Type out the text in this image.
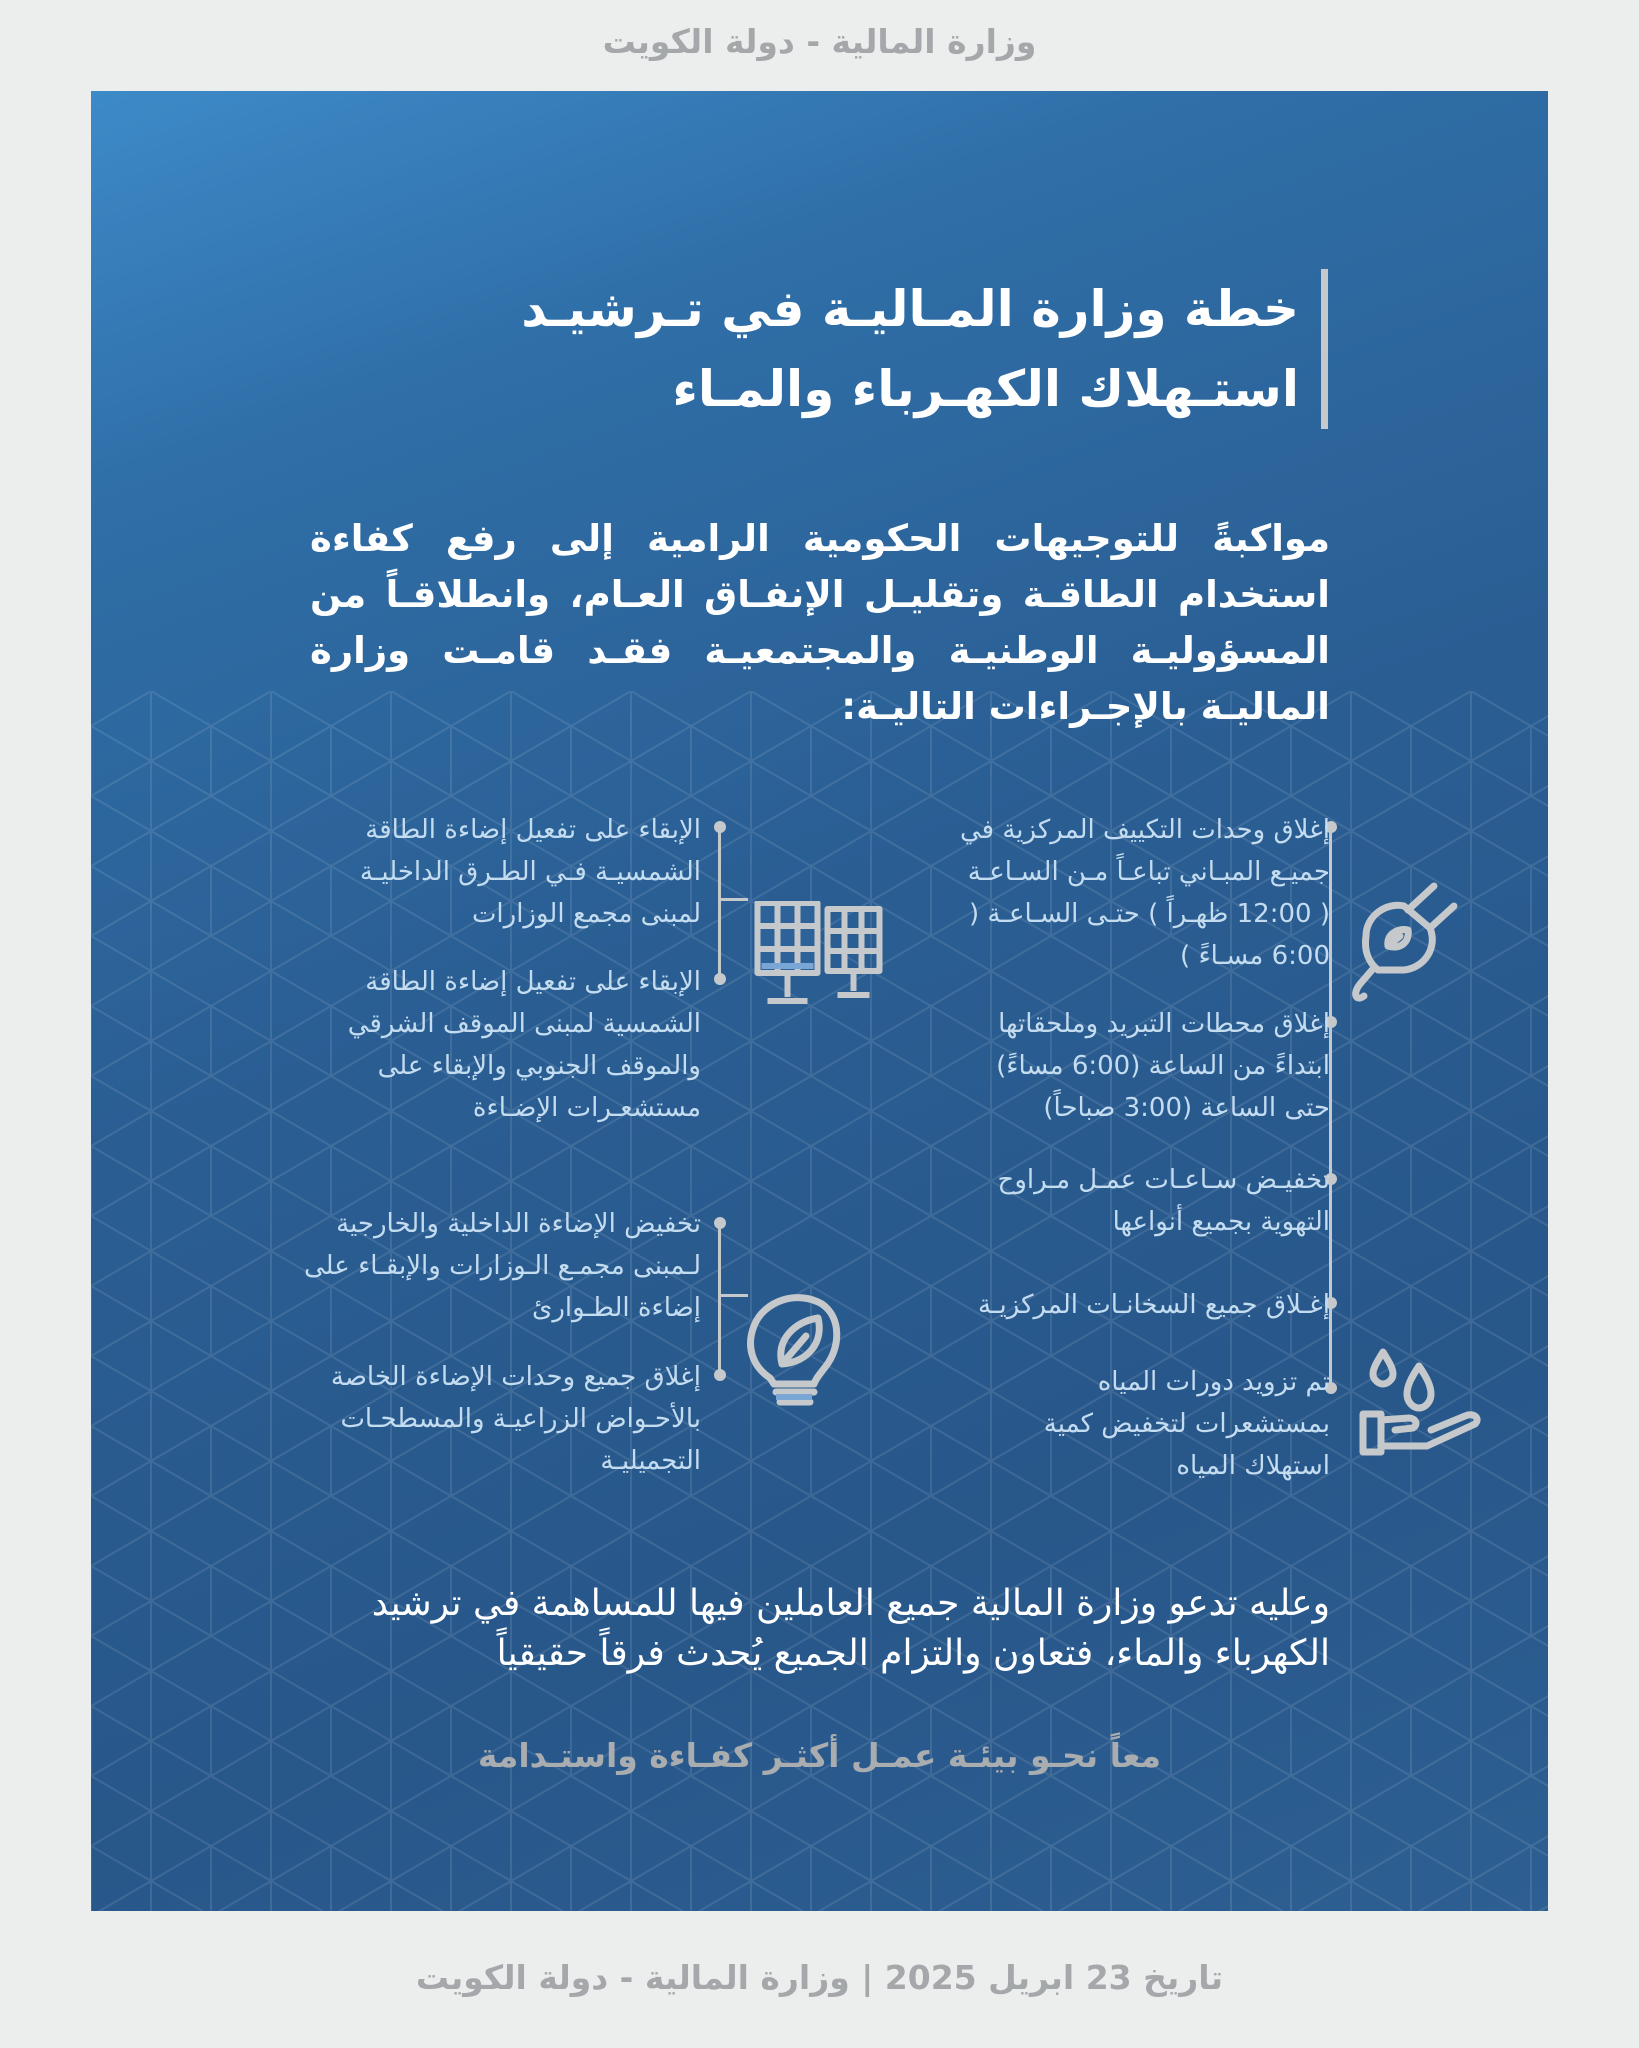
وزارة المالية - دولة الكويت
خطة وزارة المـاليـة في تـرشيـد
استـهلاك الكهـرباء والمـاء
مواكبةً للتوجيهات الحكومية الرامية إلى رفع كفاءة استخدام الطاقـة وتقليـل الإنفـاق العـام، وانطلاقـاً من المسؤوليـة الوطنيـة والمجتمعيـة فقـد قامـت وزارة الماليـة بالإجـراءات التاليـة:
إغلاق وحدات التكييف المركزية في جميـع المبـاني تباعـاً مـن السـاعـة ( 12:00 ظهـراً ) حتـى السـاعـة ( 6:00 مسـاءً )
إغلاق محطات التبريد وملحقاتها ابتداءً من الساعة (6:00 مساءً) حتى الساعة (3:00 صباحاً)
تخفيـض سـاعـات عمـل مـراوح التهوية بجميع أنواعها
إغـلاق جميع السخانـات المركزيـة
تم تزويد دورات المياه بمستشعرات لتخفيض كمية استهلاك المياه
الإبقاء على تفعيل إضاءة الطاقة الشمسيـة فـي الطـرق الداخليـة لمبنى مجمع الوزارات
الإبقاء على تفعيل إضاءة الطاقة الشمسية لمبنى الموقف الشرقي والموقف الجنوبي والإبقاء على مستشعـرات الإضـاءة
تخفيض الإضاءة الداخلية والخارجية لـمبنى مجمـع الـوزارات والإبقـاء على إضاءة الطـوارئ
إغلاق جميع وحدات الإضاءة الخاصة بالأحـواض الزراعيـة والمسطحـات التجميليـة
وعليه تدعو وزارة المالية جميع العاملين فيها للمساهمة في ترشيد الكهرباء والماء، فتعاون والتزام الجميع يُحدث فرقاً حقيقياً
معاً نحـو بيئـة عمـل أكثـر كفـاءة واستـدامة
تاريخ 23 ابريل 2025 | وزارة المالية - دولة الكويت
